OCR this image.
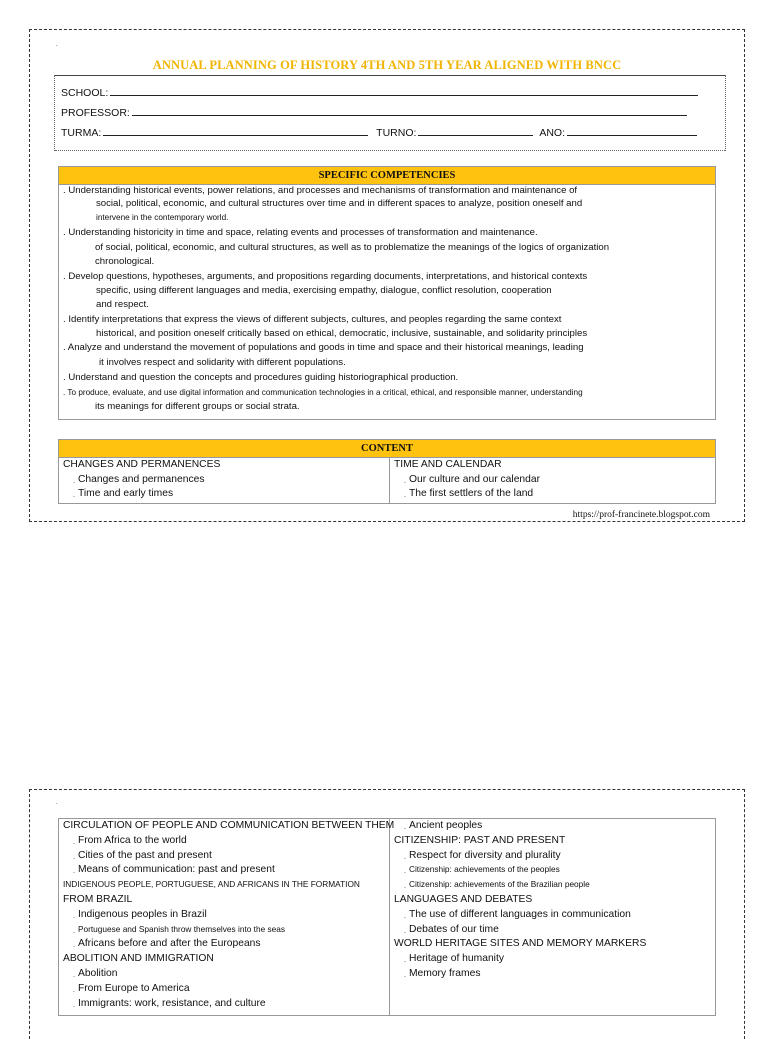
.
ANNUAL PLANNING OF HISTORY 4TH AND 5TH YEAR ALIGNED WITH BNCC
SCHOOL:
PROFESSOR:
TURMA:	TURNO:	ANO:
SPECIFIC COMPETENCIES
. Understanding historical events, power relations, and processes and mechanisms of transformation and maintenance of
social, political, economic, and cultural structures over time and in different spaces to analyze, position oneself and
intervene in the contemporary world.
. Understanding historicity in time and space, relating events and processes of transformation and maintenance.
of social, political, economic, and cultural structures, as well as to problematize the meanings of the logics of organization
chronological.
. Develop questions, hypotheses, arguments, and propositions regarding documents, interpretations, and historical contexts
specific, using different languages and media, exercising empathy, dialogue, conflict resolution, cooperation
and respect.
. Identify interpretations that express the views of different subjects, cultures, and peoples regarding the same context
historical, and position oneself critically based on ethical, democratic, inclusive, sustainable, and solidarity principles
. Analyze and understand the movement of populations and goods in time and space and their historical meanings, leading
it involves respect and solidarity with different populations.
. Understand and question the concepts and procedures guiding historiographical production.
. To produce, evaluate, and use digital information and communication technologies in a critical, ethical, and responsible manner, understanding
its meanings for different groups or social strata.
CONTENT
CHANGES AND PERMANENCES
. Changes and permanences
. Time and early times
TIME AND CALENDAR
. Our culture and our calendar
. The first settlers of the land
https://prof-francinete.blogspot.com
.
CIRCULATION OF PEOPLE AND COMMUNICATION BETWEEN THEM
. From Africa to the world
. Cities of the past and present
. Means of communication: past and present
INDIGENOUS PEOPLE, PORTUGUESE, AND AFRICANS IN THE FORMATION
FROM BRAZIL
. Indigenous peoples in Brazil
. Portuguese and Spanish throw themselves into the seas
. Africans before and after the Europeans
ABOLITION AND IMMIGRATION
. Abolition
. From Europe to America
. Immigrants: work, resistance, and culture
. Ancient peoples
CITIZENSHIP: PAST AND PRESENT
. Respect for diversity and plurality
. Citizenship: achievements of the peoples
. Citizenship: achievements of the Brazilian people
LANGUAGES AND DEBATES
. The use of different languages in communication
. Debates of our time
WORLD HERITAGE SITES AND MEMORY MARKERS
. Heritage of humanity
. Memory frames
